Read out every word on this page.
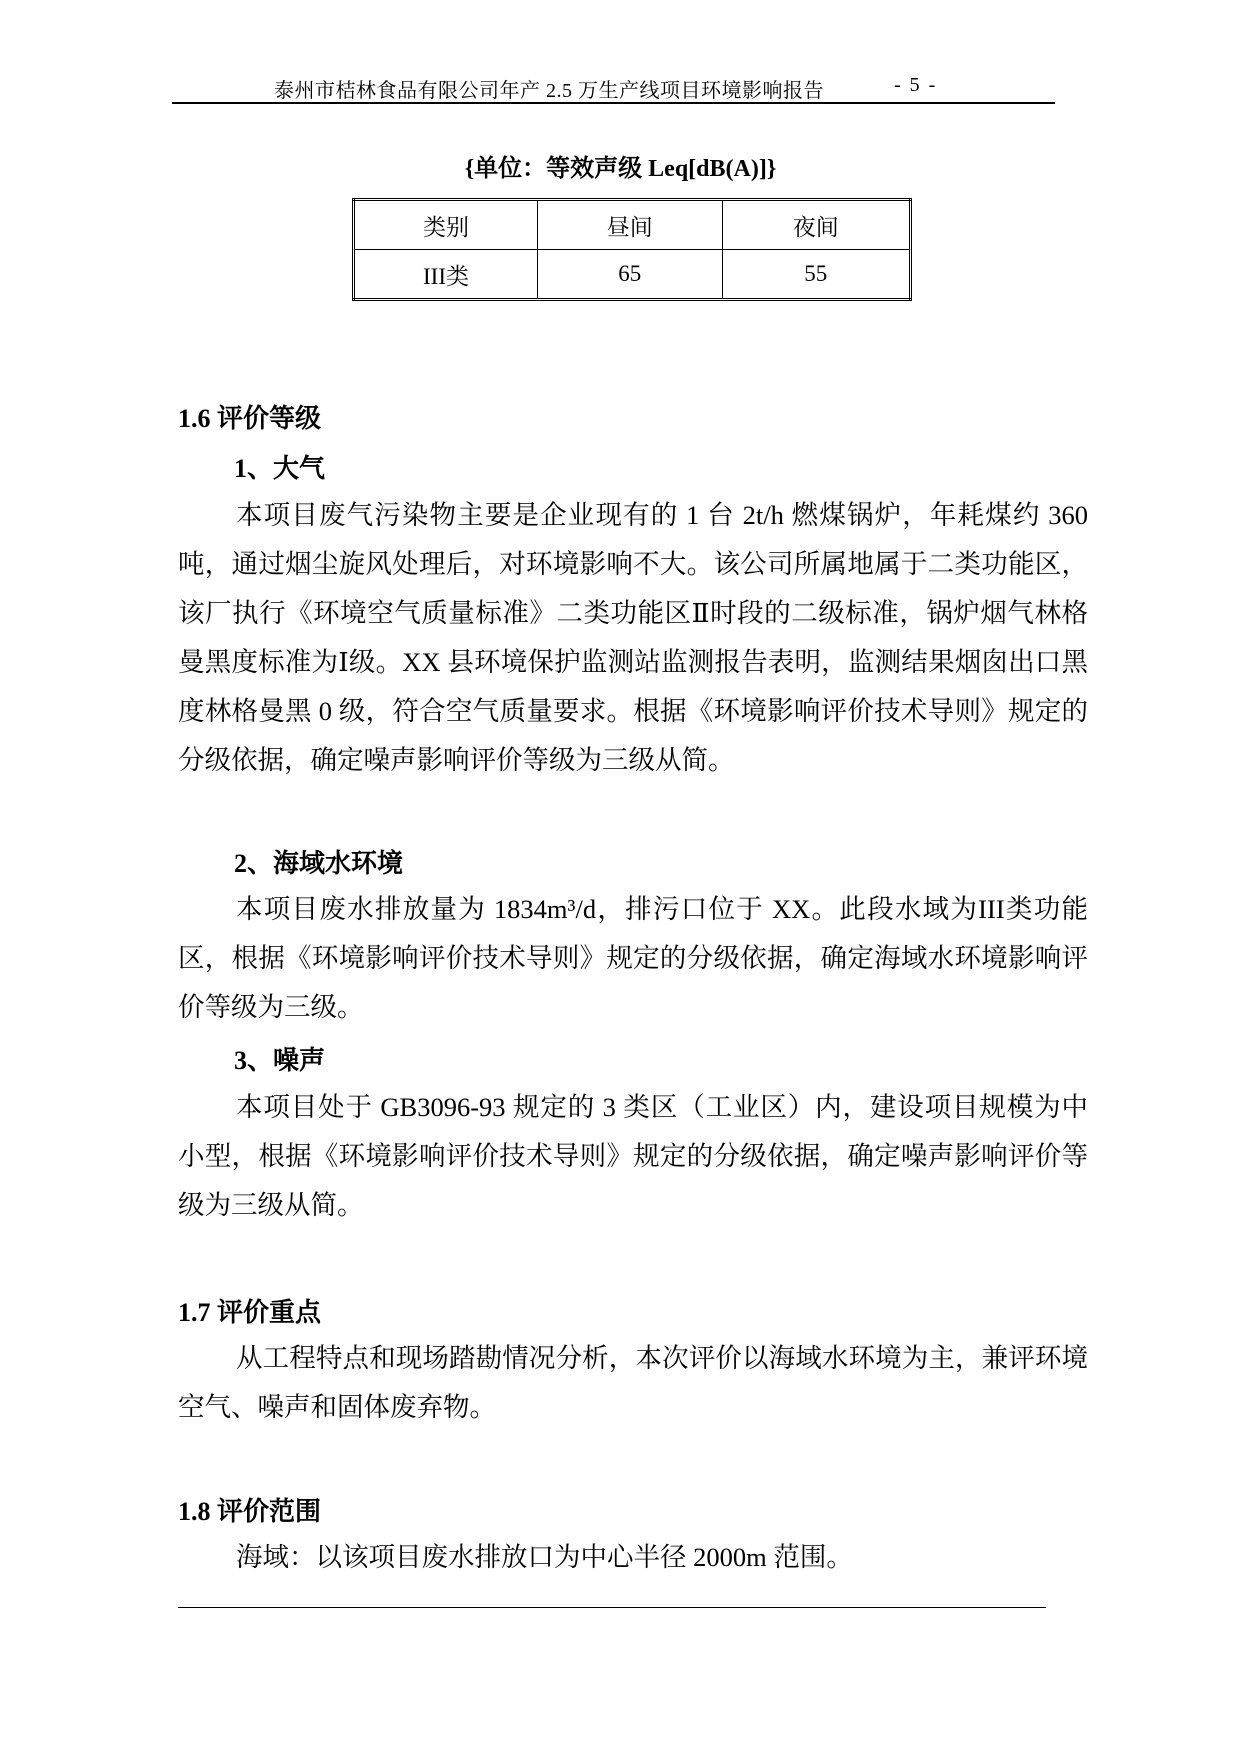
泰州市桔林食品有限公司年产 2.5 万生产线项目环境影响报告	- 5 -
{单位：等效声级 Leq[dB(A)]}
类别	昼间	夜间
III类	65	55
1.6 评价等级
1、大气

本项目废气污染物主要是企业现有的 1 台 2t/h 燃煤锅炉，年耗煤约 360 吨，通过烟尘旋风处理后，对环境影响不大。该公司所属地属于二类功能区，该厂执行《环境空气质量标准》二类功能区Ⅱ时段的二级标准，锅炉烟气林格曼黑度标准为Ⅰ级。XX 县环境保护监测站监测报告表明，监测结果烟囱出口黑度林格曼黑 0 级，符合空气质量要求。根据《环境影响评价技术导则》规定的分级依据，确定噪声影响评价等级为三级从简。

2、海域水环境

本项目废水排放量为 1834m³/d，排污口位于 XX。此段水域为III类功能区，根据《环境影响评价技术导则》规定的分级依据，确定海域水环境影响评价等级为三级。

3、噪声

本项目处于 GB3096-93 规定的 3 类区（工业区）内，建设项目规模为中小型，根据《环境影响评价技术导则》规定的分级依据，确定噪声影响评价等级为三级从简。

1.7 评价重点

从工程特点和现场踏勘情况分析，本次评价以海域水环境为主，兼评环境空气、噪声和固体废弃物。

1.8 评价范围

海域：以该项目废水排放口为中心半径 2000m 范围。
